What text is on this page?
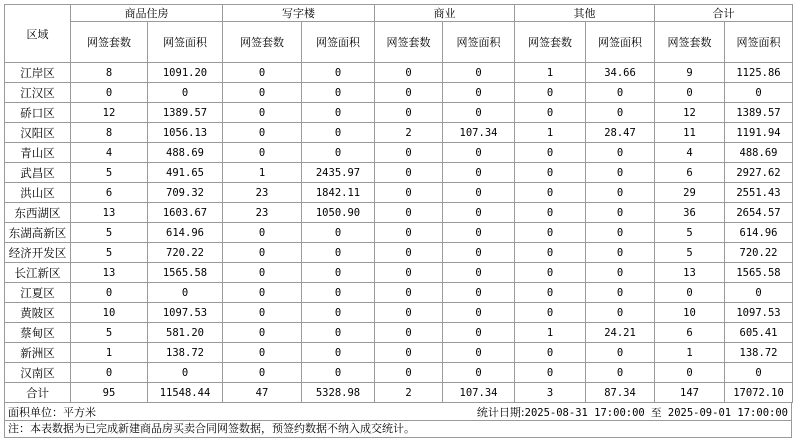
区域	商品住房		写字楼		商业		其他		合计	
	网签套数	网签面积	网签套数	网签面积	网签套数	网签面积	网签套数	网签面积	网签套数	网签面积
江岸区	8	1091.20	0	0	0	0	1	34.66	9	1125.86
江汉区	0	0	0	0	0	0	0	0	0	0
硚口区	12	1389.57	0	0	0	0	0	0	12	1389.57
汉阳区	8	1056.13	0	0	2	107.34	1	28.47	11	1191.94
青山区	4	488.69	0	0	0	0	0	0	4	488.69
武昌区	5	491.65	1	2435.97	0	0	0	0	6	2927.62
洪山区	6	709.32	23	1842.11	0	0	0	0	29	2551.43
东西湖区	13	1603.67	23	1050.90	0	0	0	0	36	2654.57
东湖高新区	5	614.96	0	0	0	0	0	0	5	614.96
经济开发区	5	720.22	0	0	0	0	0	0	5	720.22
长江新区	13	1565.58	0	0	0	0	0	0	13	1565.58
江夏区	0	0	0	0	0	0	0	0	0	0
黄陂区	10	1097.53	0	0	0	0	0	0	10	1097.53
蔡甸区	5	581.20	0	0	0	0	1	24.21	6	605.41
新洲区	1	138.72	0	0	0	0	0	0	1	138.72
汉南区	0	0	0	0	0	0	0	0	0	0
合计	95	11548.44	47	5328.98	2	107.34	3	87.34	147	17072.10
面积单位：平方米	统计日期:2025-08-31 17:00:00 至 2025-09-01 17:00:00
注：本表数据为已完成新建商品房买卖合同网签数据，预签约数据不纳入成交统计。
